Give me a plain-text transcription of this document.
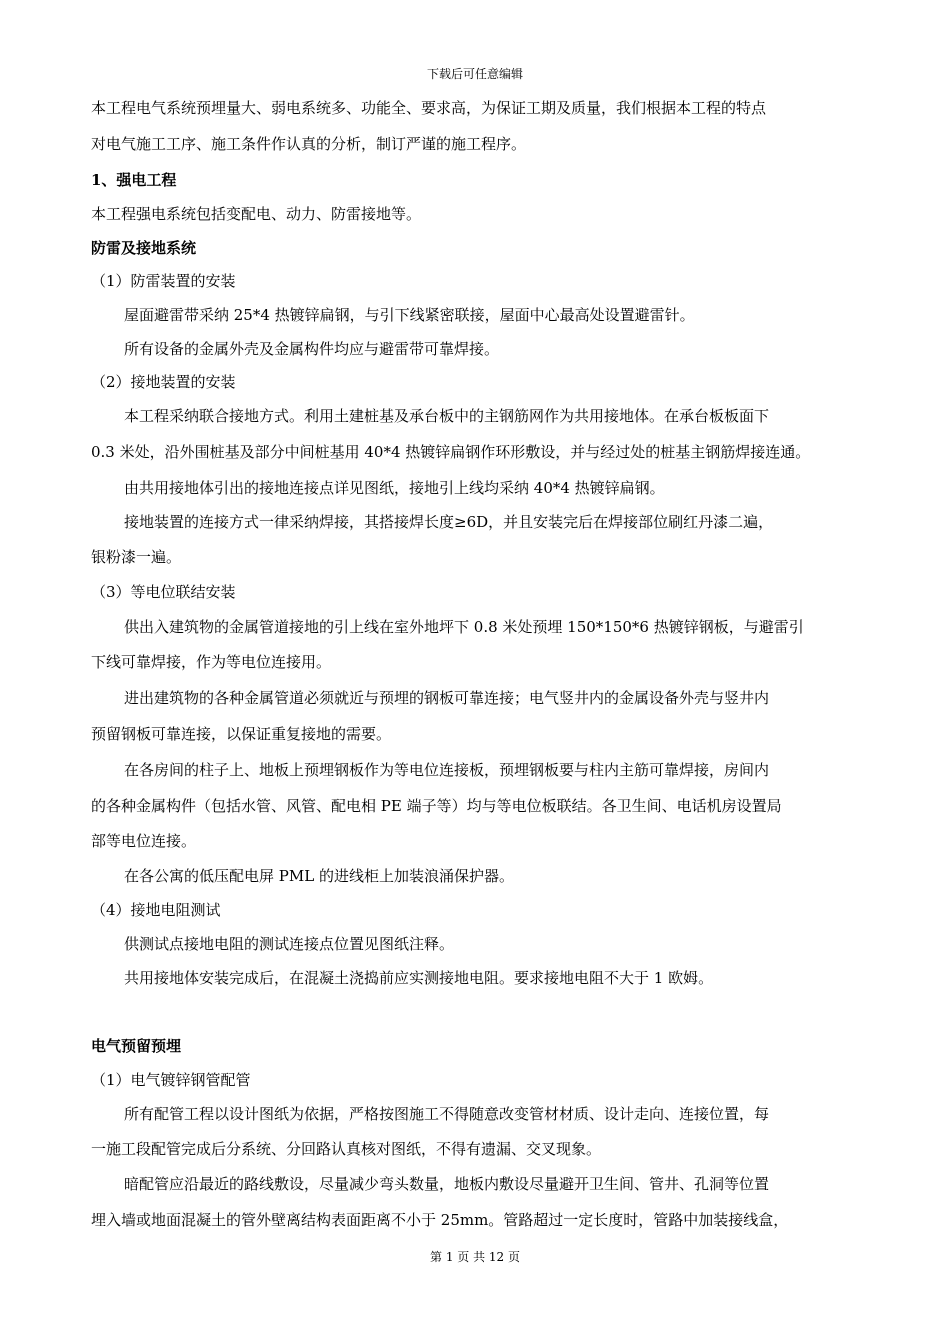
下载后可任意编辑
本工程电气系统预埋量大、弱电系统多、功能全、要求高，为保证工期及质量，我们根据本工程的特点
对电气施工工序、施工条件作认真的分析，制订严谨的施工程序。
1、强电工程
本工程强电系统包括变配电、动力、防雷接地等。
防雷及接地系统
（1）防雷装置的安装
屋面避雷带采纳 25*4 热镀锌扁钢，与引下线紧密联接，屋面中心最高处设置避雷针。
所有设备的金属外壳及金属构件均应与避雷带可靠焊接。
（2）接地装置的安装
本工程采纳联合接地方式。利用土建桩基及承台板中的主钢筋网作为共用接地体。在承台板板面下
0.3 米处，沿外围桩基及部分中间桩基用 40*4 热镀锌扁钢作环形敷设，并与经过处的桩基主钢筋焊接连通。
由共用接地体引出的接地连接点详见图纸，接地引上线均采纳 40*4 热镀锌扁钢。
接地装置的连接方式一律采纳焊接，其搭接焊长度≥6D，并且安装完后在焊接部位刷红丹漆二遍，
银粉漆一遍。
（3）等电位联结安装
供出入建筑物的金属管道接地的引上线在室外地坪下 0.8 米处预埋 150*150*6 热镀锌钢板，与避雷引
下线可靠焊接，作为等电位连接用。
进出建筑物的各种金属管道必须就近与预埋的钢板可靠连接；电气竖井内的金属设备外壳与竖井内
预留钢板可靠连接，以保证重复接地的需要。
在各房间的柱子上、地板上预埋钢板作为等电位连接板，预埋钢板要与柱内主筋可靠焊接，房间内
的各种金属构件（包括水管、风管、配电相 PE 端子等）均与等电位板联结。各卫生间、电话机房设置局
部等电位连接。
在各公寓的低压配电屏 PML 的进线柜上加装浪涌保护器。
（4）接地电阻测试
供测试点接地电阻的测试连接点位置见图纸注释。
共用接地体安装完成后，在混凝土浇捣前应实测接地电阻。要求接地电阻不大于 1 欧姆。
电气预留预埋
（1）电气镀锌钢管配管
所有配管工程以设计图纸为依据，严格按图施工不得随意改变管材材质、设计走向、连接位置，每
一施工段配管完成后分系统、分回路认真核对图纸，不得有遗漏、交叉现象。
暗配管应沿最近的路线敷设，尽量减少弯头数量，地板内敷设尽量避开卫生间、管井、孔洞等位置
埋入墙或地面混凝土的管外壁离结构表面距离不小于 25mm。管路超过一定长度时，管路中加装接线盒，
第 1 页 共 12 页
